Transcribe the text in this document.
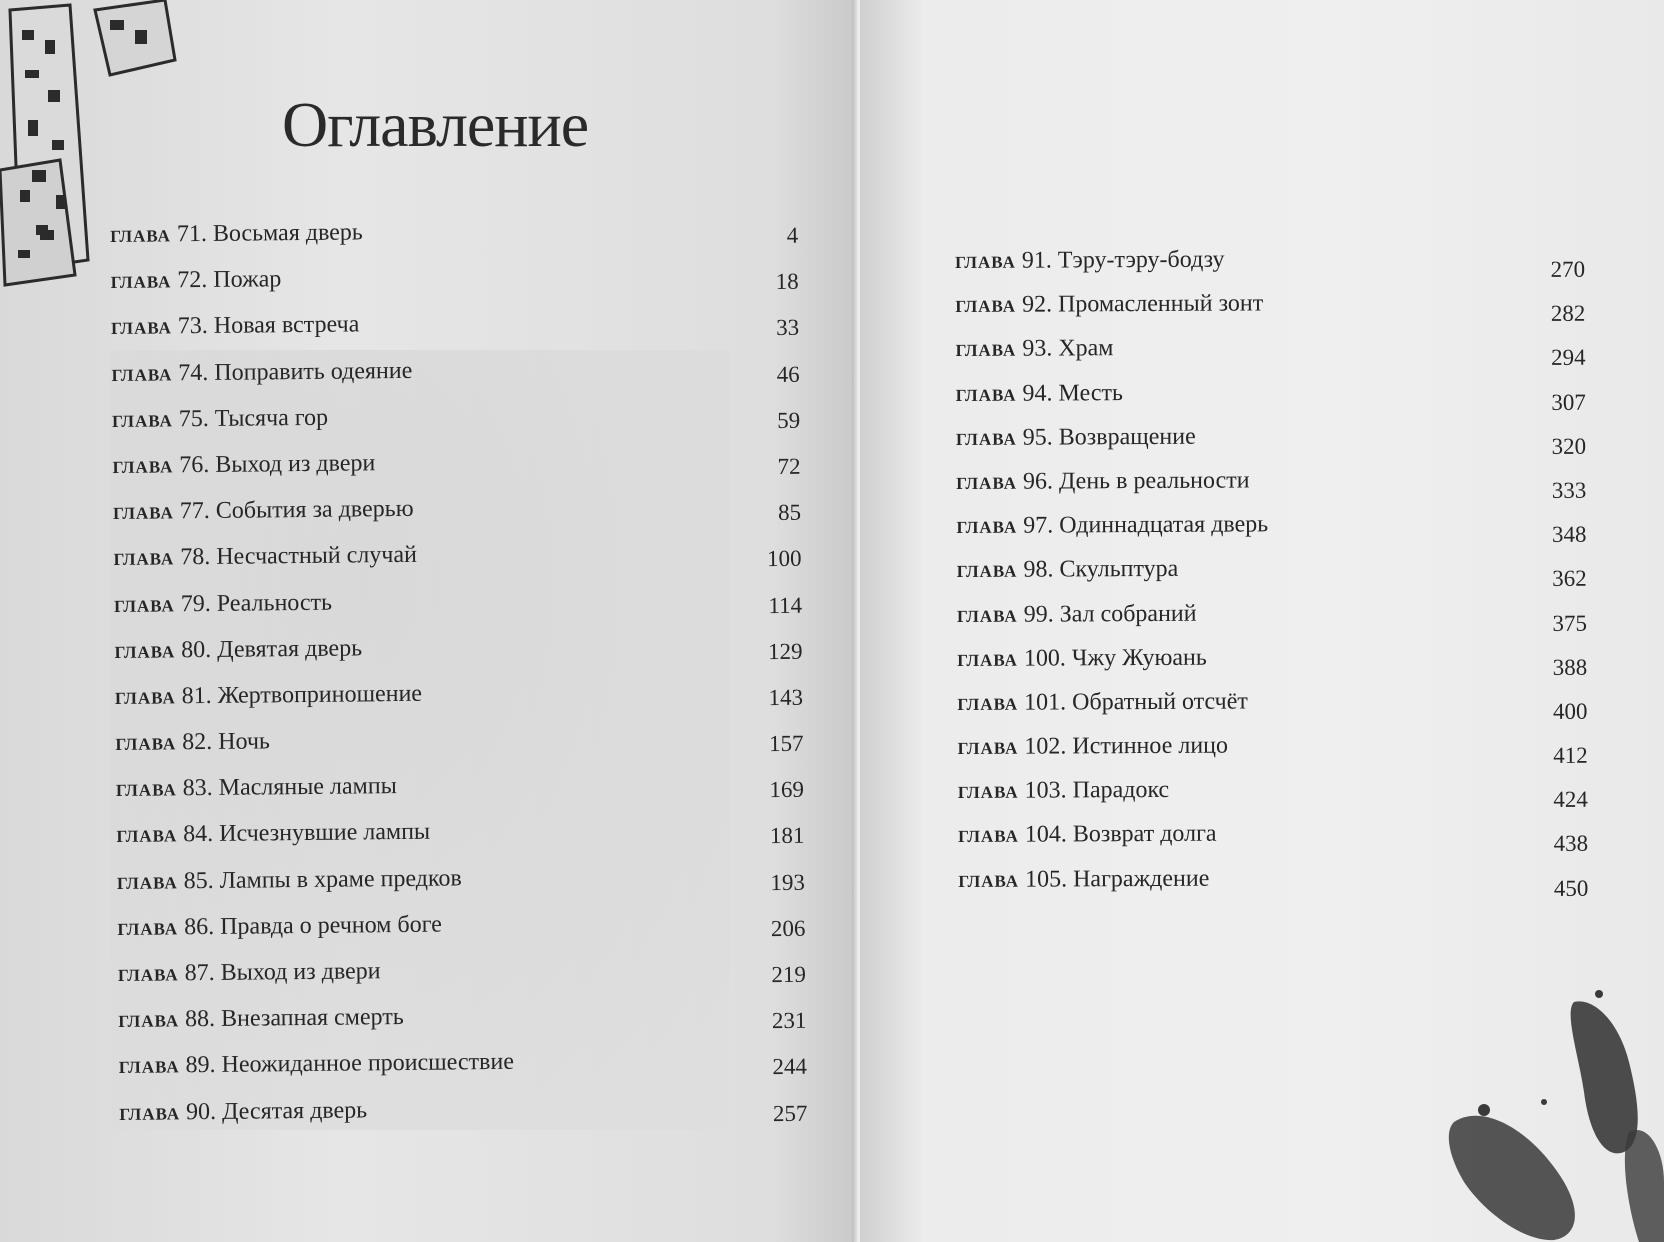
Оглавление
ГЛАВА 71. Восьмая дверь	4
ГЛАВА 72. Пожар	18
ГЛАВА 73. Новая встреча	33
ГЛАВА 74. Поправить одеяние	46
ГЛАВА 75. Тысяча гор	59
ГЛАВА 76. Выход из двери	72
ГЛАВА 77. События за дверью	85
ГЛАВА 78. Несчастный случай	100
ГЛАВА 79. Реальность	114
ГЛАВА 80. Девятая дверь	129
ГЛАВА 81. Жертвоприношение	143
ГЛАВА 82. Ночь	157
ГЛАВА 83. Масляные лампы	169
ГЛАВА 84. Исчезнувшие лампы	181
ГЛАВА 85. Лампы в храме предков	193
ГЛАВА 86. Правда о речном боге	206
ГЛАВА 87. Выход из двери	219
ГЛАВА 88. Внезапная смерть	231
ГЛАВА 89. Неожиданное происшествие	244
ГЛАВА 90. Десятая дверь	257
ГЛАВА 91. Тэру-тэру-бодзу	270
ГЛАВА 92. Промасленный зонт	282
ГЛАВА 93. Храм	294
ГЛАВА 94. Месть	307
ГЛАВА 95. Возвращение	320
ГЛАВА 96. День в реальности	333
ГЛАВА 97. Одиннадцатая дверь	348
ГЛАВА 98. Скульптура	362
ГЛАВА 99. Зал собраний	375
ГЛАВА 100. Чжу Жуюань	388
ГЛАВА 101. Обратный отсчёт	400
ГЛАВА 102. Истинное лицо	412
ГЛАВА 103. Парадокс	424
ГЛАВА 104. Возврат долга	438
ГЛАВА 105. Награждение	450
